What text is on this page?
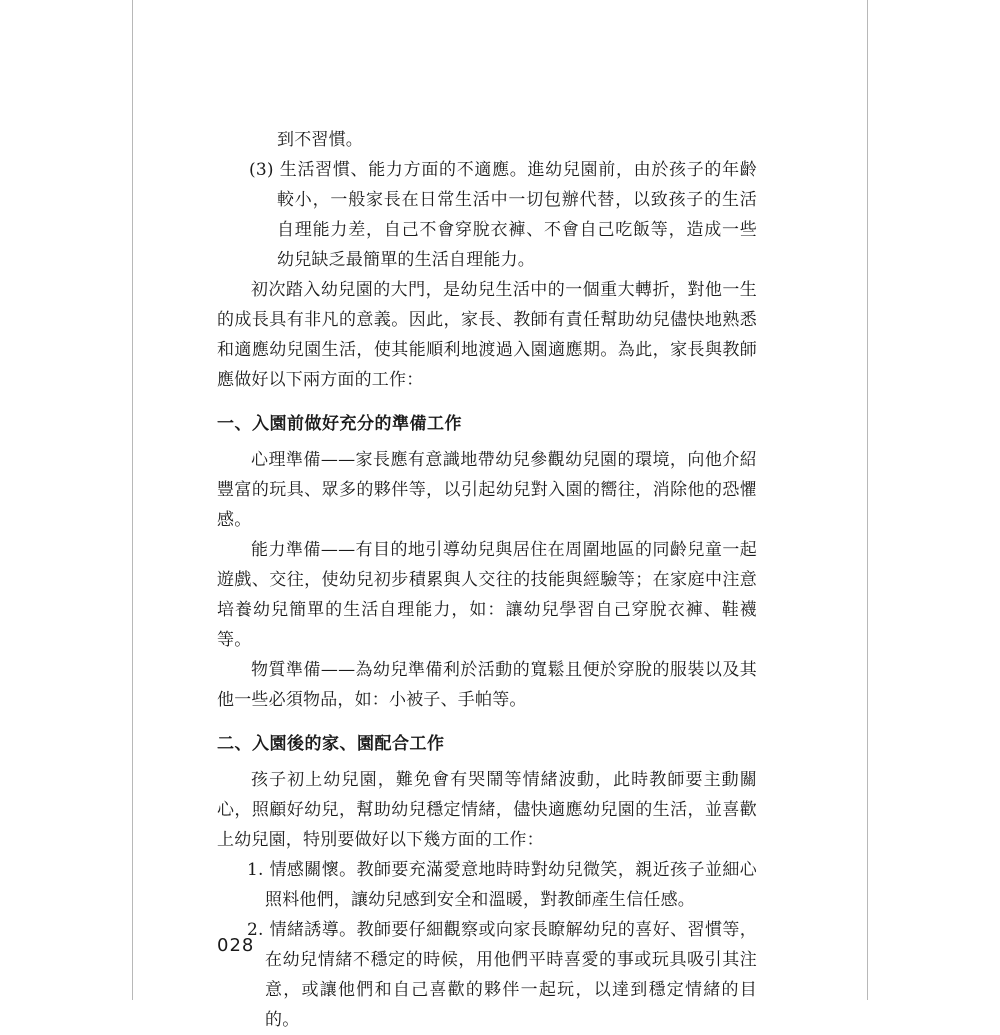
到不習慣。

(3) 生活習慣、能力方面的不適應。進幼兒園前，由於孩子的年齡較小，一般家長在日常生活中一切包辦代替，以致孩子的生活自理能力差，自己不會穿脫衣褲、不會自己吃飯等，造成一些幼兒缺乏最簡單的生活自理能力。

初次踏入幼兒園的大門，是幼兒生活中的一個重大轉折，對他一生的成長具有非凡的意義。因此，家長、教師有責任幫助幼兒儘快地熟悉和適應幼兒園生活，使其能順利地渡過入園適應期。為此，家長與教師應做好以下兩方面的工作：

一、入園前做好充分的準備工作

心理準備——家長應有意識地帶幼兒參觀幼兒園的環境，向他介紹豐富的玩具、眾多的夥伴等，以引起幼兒對入園的嚮往，消除他的恐懼感。

能力準備——有目的地引導幼兒與居住在周圍地區的同齡兒童一起遊戲、交往，使幼兒初步積累與人交往的技能與經驗等；在家庭中注意培養幼兒簡單的生活自理能力，如：讓幼兒學習自己穿脫衣褲、鞋襪等。

物質準備——為幼兒準備利於活動的寬鬆且便於穿脫的服裝以及其他一些必須物品，如：小被子、手帕等。

二、入園後的家、園配合工作

孩子初上幼兒園，難免會有哭鬧等情緒波動，此時教師要主動關心，照顧好幼兒，幫助幼兒穩定情緒，儘快適應幼兒園的生活，並喜歡上幼兒園，特別要做好以下幾方面的工作：

1. 情感關懷。教師要充滿愛意地時時對幼兒微笑，親近孩子並細心照料他們，讓幼兒感到安全和溫暖，對教師產生信任感。

2. 情緒誘導。教師要仔細觀察或向家長瞭解幼兒的喜好、習慣等，在幼兒情緒不穩定的時候，用他們平時喜愛的事或玩具吸引其注意，或讓他們和自己喜歡的夥伴一起玩，以達到穩定情緒的目的。

028
